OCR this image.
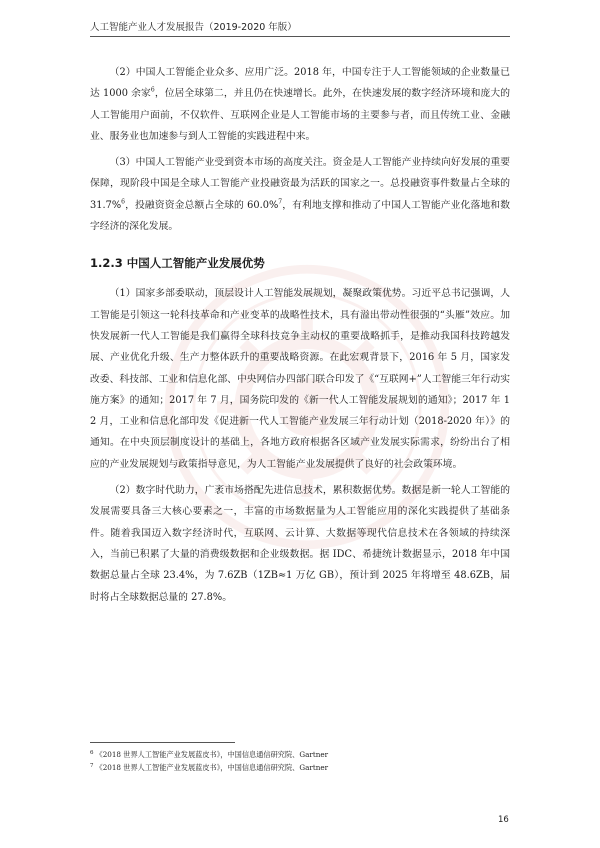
人工智能产业人才发展报告（2019-2020 年版）

（2）中国人工智能企业众多、应用广泛。2018 年，中国专注于人工智能领域的企业数量已达 1000 余家$^6$，位居全球第二，并且仍在快速增长。此外，在快速发展的数字经济环境和庞大的人工智能用户面前，不仅软件、互联网企业是人工智能市场的主要参与者，而且传统工业、金融业、服务业也加速参与到人工智能的实践进程中来。

（3）中国人工智能产业受到资本市场的高度关注。资金是人工智能产业持续向好发展的重要保障，现阶段中国是全球人工智能产业投融资最为活跃的国家之一。总投融资事件数量占全球的 31.7%$^6$，投融资资金总额占全球的 60.0%$^7$，有利地支撑和推动了中国人工智能产业化落地和数字经济的深化发展。

1.2.3 中国人工智能产业发展优势

（1）国家多部委联动，顶层设计人工智能发展规划，凝聚政策优势。习近平总书记强调，人工智能是引领这一轮科技革命和产业变革的战略性技术，具有溢出带动性很强的“头雁”效应。加快发展新一代人工智能是我们赢得全球科技竞争主动权的重要战略抓手，是推动我国科技跨越发展、产业优化升级、生产力整体跃升的重要战略资源。在此宏观背景下，2016 年 5 月，国家发改委、科技部、工业和信息化部、中央网信办四部门联合印发了《“互联网+”人工智能三年行动实施方案》的通知；2017 年 7 月，国务院印发的《新一代人工智能发展规划的通知》；2017 年 12 月，工业和信息化部印发《促进新一代人工智能产业发展三年行动计划（2018-2020 年）》的通知。在中央顶层制度设计的基础上，各地方政府根据各区域产业发展实际需求，纷纷出台了相应的产业发展规划与政策指导意见，为人工智能产业发展提供了良好的社会政策环境。

（2）数字时代助力，广袤市场搭配先进信息技术，累积数据优势。数据是新一轮人工智能的发展需要具备三大核心要素之一，丰富的市场数据量为人工智能应用的深化实践提供了基础条件。随着我国迈入数字经济时代，互联网、云计算、大数据等现代信息技术在各领域的持续深入，当前已积累了大量的消费级数据和企业级数据。据 IDC、希捷统计数据显示，2018 年中国数据总量占全球 23.4%，为 7.6ZB（1ZB≈1 万亿 GB），预计到 2025 年将增至 48.6ZB，届时将占全球数据总量的 27.8%。

$^6$ 《2018 世界人工智能产业发展蓝皮书》，中国信息通信研究院、Gartner
$^7$ 《2018 世界人工智能产业发展蓝皮书》，中国信息通信研究院、Gartner
16
